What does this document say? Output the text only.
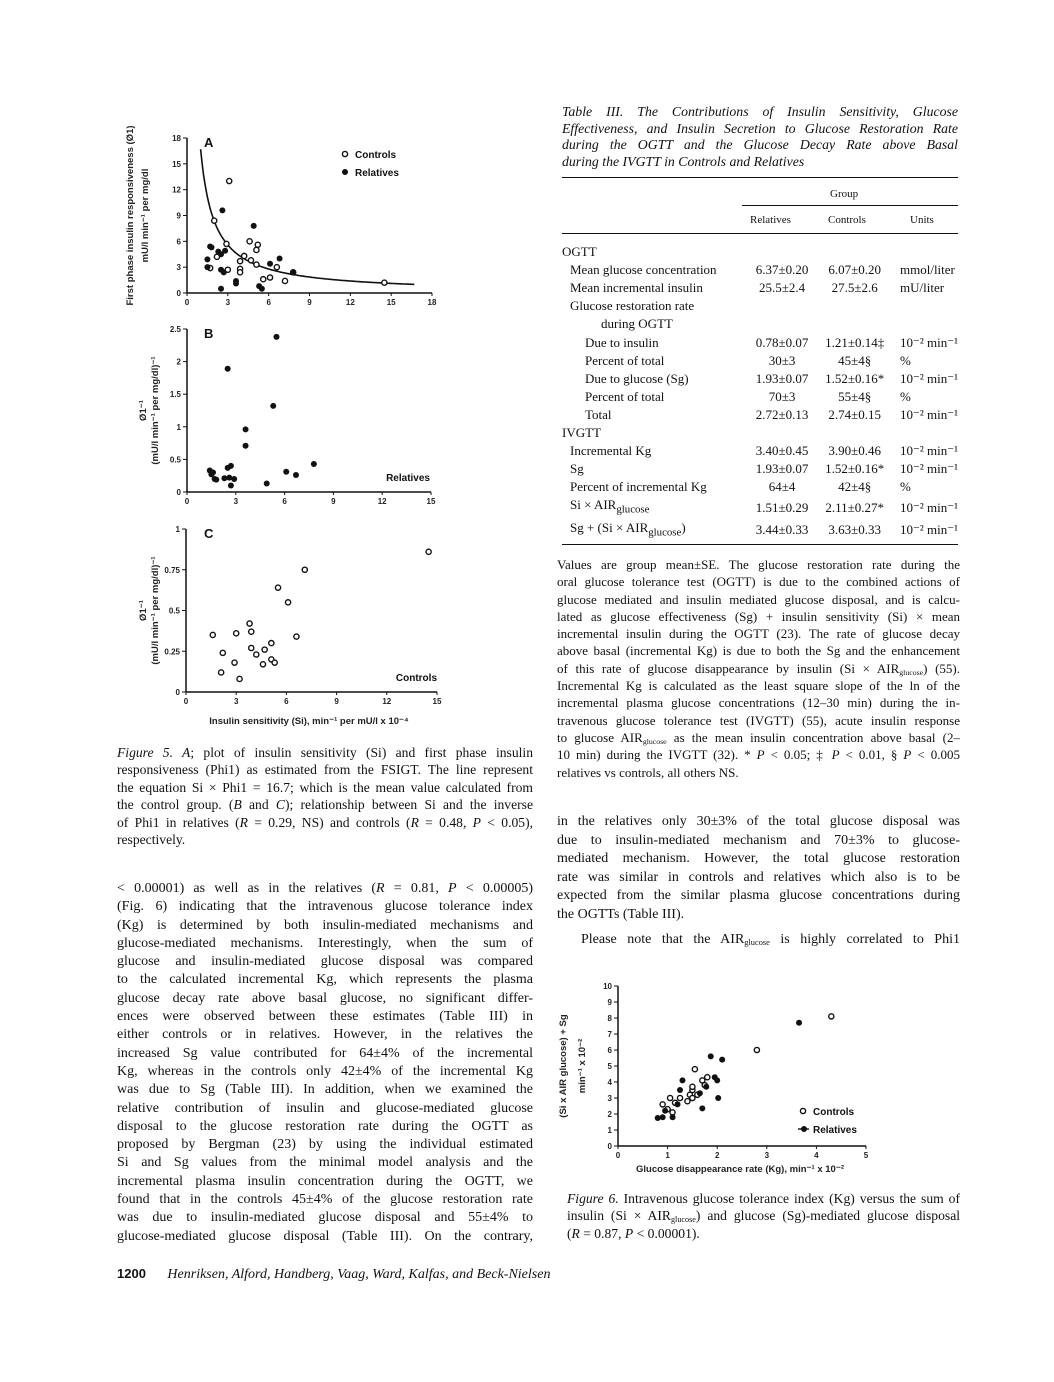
0	3	6	9	12	15	18
0
3
6
9
12
15
18
First phase insulin responsiveness (Ø1) mU/l min⁻¹ per mg/dl
A
Controls
Relatives
0	3	6	9	12	15
0
0.5
1
1.5
2
2.5
Ø1⁻¹ (mU/l min⁻¹ per mg/dl)⁻¹
B
Relatives
0	3	6	9	12	15
0
0.25
0.5
0.75
1
Ø1⁻¹ (mU/l min⁻¹ per mg/dl)⁻¹
Insulin sensitivity (Si), min⁻¹ per mU/l x 10⁻⁴
C
Controls
0	1	2	3	4	5
0
1
2
3
4
5
6
7
8
9
10
(Si x AIR glucose) + Sg min⁻¹ x 10⁻²
Glucose disappearance rate (Kg), min⁻¹ x 10⁻²
Controls
Relatives
Figure 5. A; plot of insulin sensitivity (Si) and first phase insulin
responsiveness (Phi1) as estimated from the FSIGT. The line represent
the equation Si × Phi1 = 16.7; which is the mean value calculated from
the control group. (B and C); relationship between Si and the inverse
of Phi1 in relatives (R = 0.29, NS) and controls (R = 0.48, P < 0.05),
respectively.
< 0.00001) as well as in the relatives (R = 0.81, P < 0.00005)
(Fig. 6) indicating that the intravenous glucose tolerance index
(Kg) is determined by both insulin-mediated mechanisms and
glucose-mediated mechanisms. Interestingly, when the sum of
glucose and insulin-mediated glucose disposal was compared
to the calculated incremental Kg, which represents the plasma
glucose decay rate above basal glucose, no significant differ-
ences were observed between these estimates (Table III) in
either controls or in relatives. However, in the relatives the
increased Sg value contributed for 64±4% of the incremental
Kg, whereas in the controls only 42±4% of the incremental Kg
was due to Sg (Table III). In addition, when we examined the
relative contribution of insulin and glucose-mediated glucose
disposal to the glucose restoration rate during the OGTT as
proposed by Bergman (23) by using the individual estimated
Si and Sg values from the minimal model analysis and the
incremental plasma insulin concentration during the OGTT, we
found that in the controls 45±4% of the glucose restoration rate
was due to insulin-mediated glucose disposal and 55±4% to
glucose-mediated glucose disposal (Table III). On the contrary,
Table III. The Contributions of Insulin Sensitivity, Glucose
Effectiveness, and Insulin Secretion to Glucose Restoration Rate
during the OGTT and the Glucose Decay Rate above Basal
during the IVGTT in Controls and Relatives
Group
Relatives	Controls	Units
OGTT			
Mean glucose concentration	6.37±0.20	6.07±0.20	mmol/liter
Mean incremental insulin	25.5±2.4	27.5±2.6	mU/liter
Glucose restoration rate			
during OGTT			
Due to insulin	0.78±0.07	1.21±0.14‡	10⁻² min⁻¹
Percent of total	30±3	45±4§	%
Due to glucose (Sg)	1.93±0.07	1.52±0.16*	10⁻² min⁻¹
Percent of total	70±3	55±4§	%
Total	2.72±0.13	2.74±0.15	10⁻² min⁻¹
IVGTT			
Incremental Kg	3.40±0.45	3.90±0.46	10⁻² min⁻¹
Sg	1.93±0.07	1.52±0.16*	10⁻² min⁻¹
Percent of incremental Kg	64±4	42±4§	%
$Si \times AIR_{glucose}$	1.51±0.29	2.11±0.27*	10⁻² min⁻¹
$Sg + (Si \times AIR_{glucose})$	3.44±0.33	3.63±0.33	10⁻² min⁻¹
Values are group mean±SE. The glucose restoration rate during the
oral glucose tolerance test (OGTT) is due to the combined actions of
glucose mediated and insulin mediated glucose disposal, and is calcu-
lated as glucose effectiveness (Sg) + insulin sensitivity (Si) × mean
incremental insulin during the OGTT (23). The rate of glucose decay
above basal (incremental Kg) is due to both the Sg and the enhancement
of this rate of glucose disappearance by insulin $(Si \times AIR_{glucose})$ (55).
Incremental Kg is calculated as the least square slope of the ln of the
incremental plasma glucose concentrations (12–30 min) during the in-
travenous glucose tolerance test (IVGTT) (55), acute insulin response
to glucose $AIR_{glucose}$ as the mean insulin concentration above basal (2–
10 min) during the IVGTT (32). * P < 0.05; ‡ P < 0.01, § P < 0.005
relatives vs controls, all others NS.
in the relatives only 30±3% of the total glucose disposal was
due to insulin-mediated mechanism and 70±3% to glucose-
mediated mechanism. However, the total glucose restoration
rate was similar in controls and relatives which also is to be
expected from the similar plasma glucose concentrations during
the OGTTs (Table III).
Please note that the $AIR_{glucose}$ is highly correlated to Phi1
Figure 6. Intravenous glucose tolerance index (Kg) versus the sum of
insulin $(Si \times AIR_{glucose})$ and glucose (Sg)-mediated glucose disposal
(R = 0.87, P < 0.00001).
1200 Henriksen, Alford, Handberg, Vaag, Ward, Kalfas, and Beck-Nielsen
